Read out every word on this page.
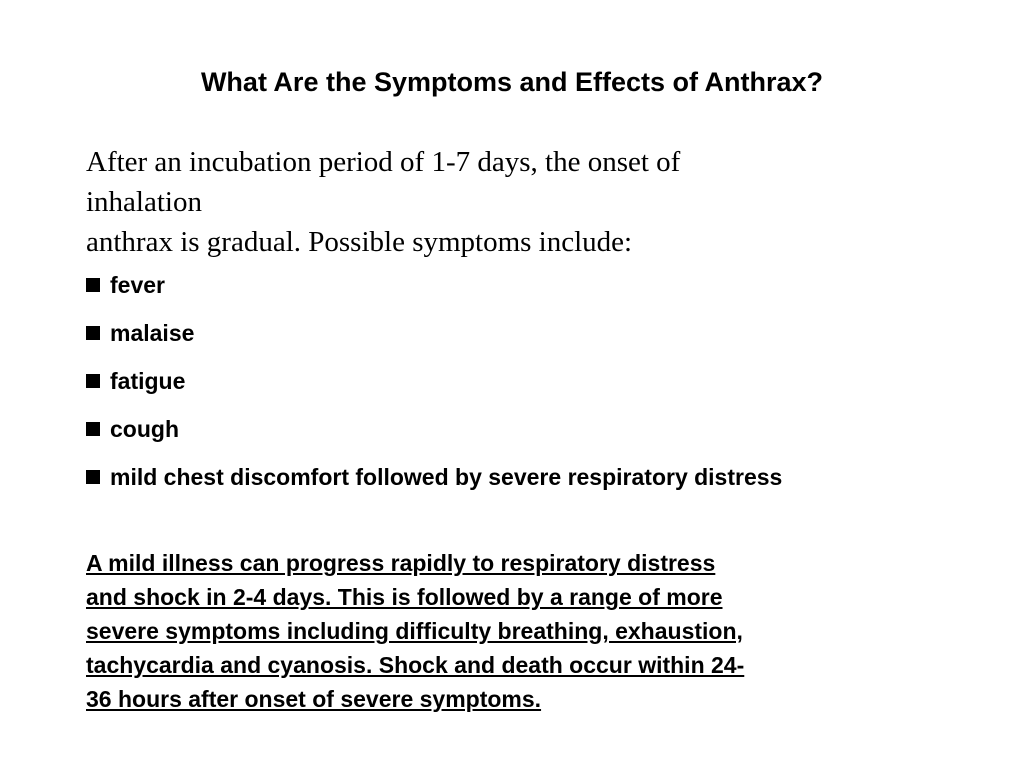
What Are the Symptoms and Effects of Anthrax?

After an incubation period of 1-7 days, the onset of
inhalation
anthrax is gradual. Possible symptoms include:

fever
malaise
fatigue
cough
mild chest discomfort followed by severe respiratory distress

A mild illness can progress rapidly to respiratory distress
and shock in 2-4 days. This is followed by a range of more
severe symptoms including difficulty breathing, exhaustion,
tachycardia and cyanosis. Shock and death occur within 24-
36 hours after onset of severe symptoms.
